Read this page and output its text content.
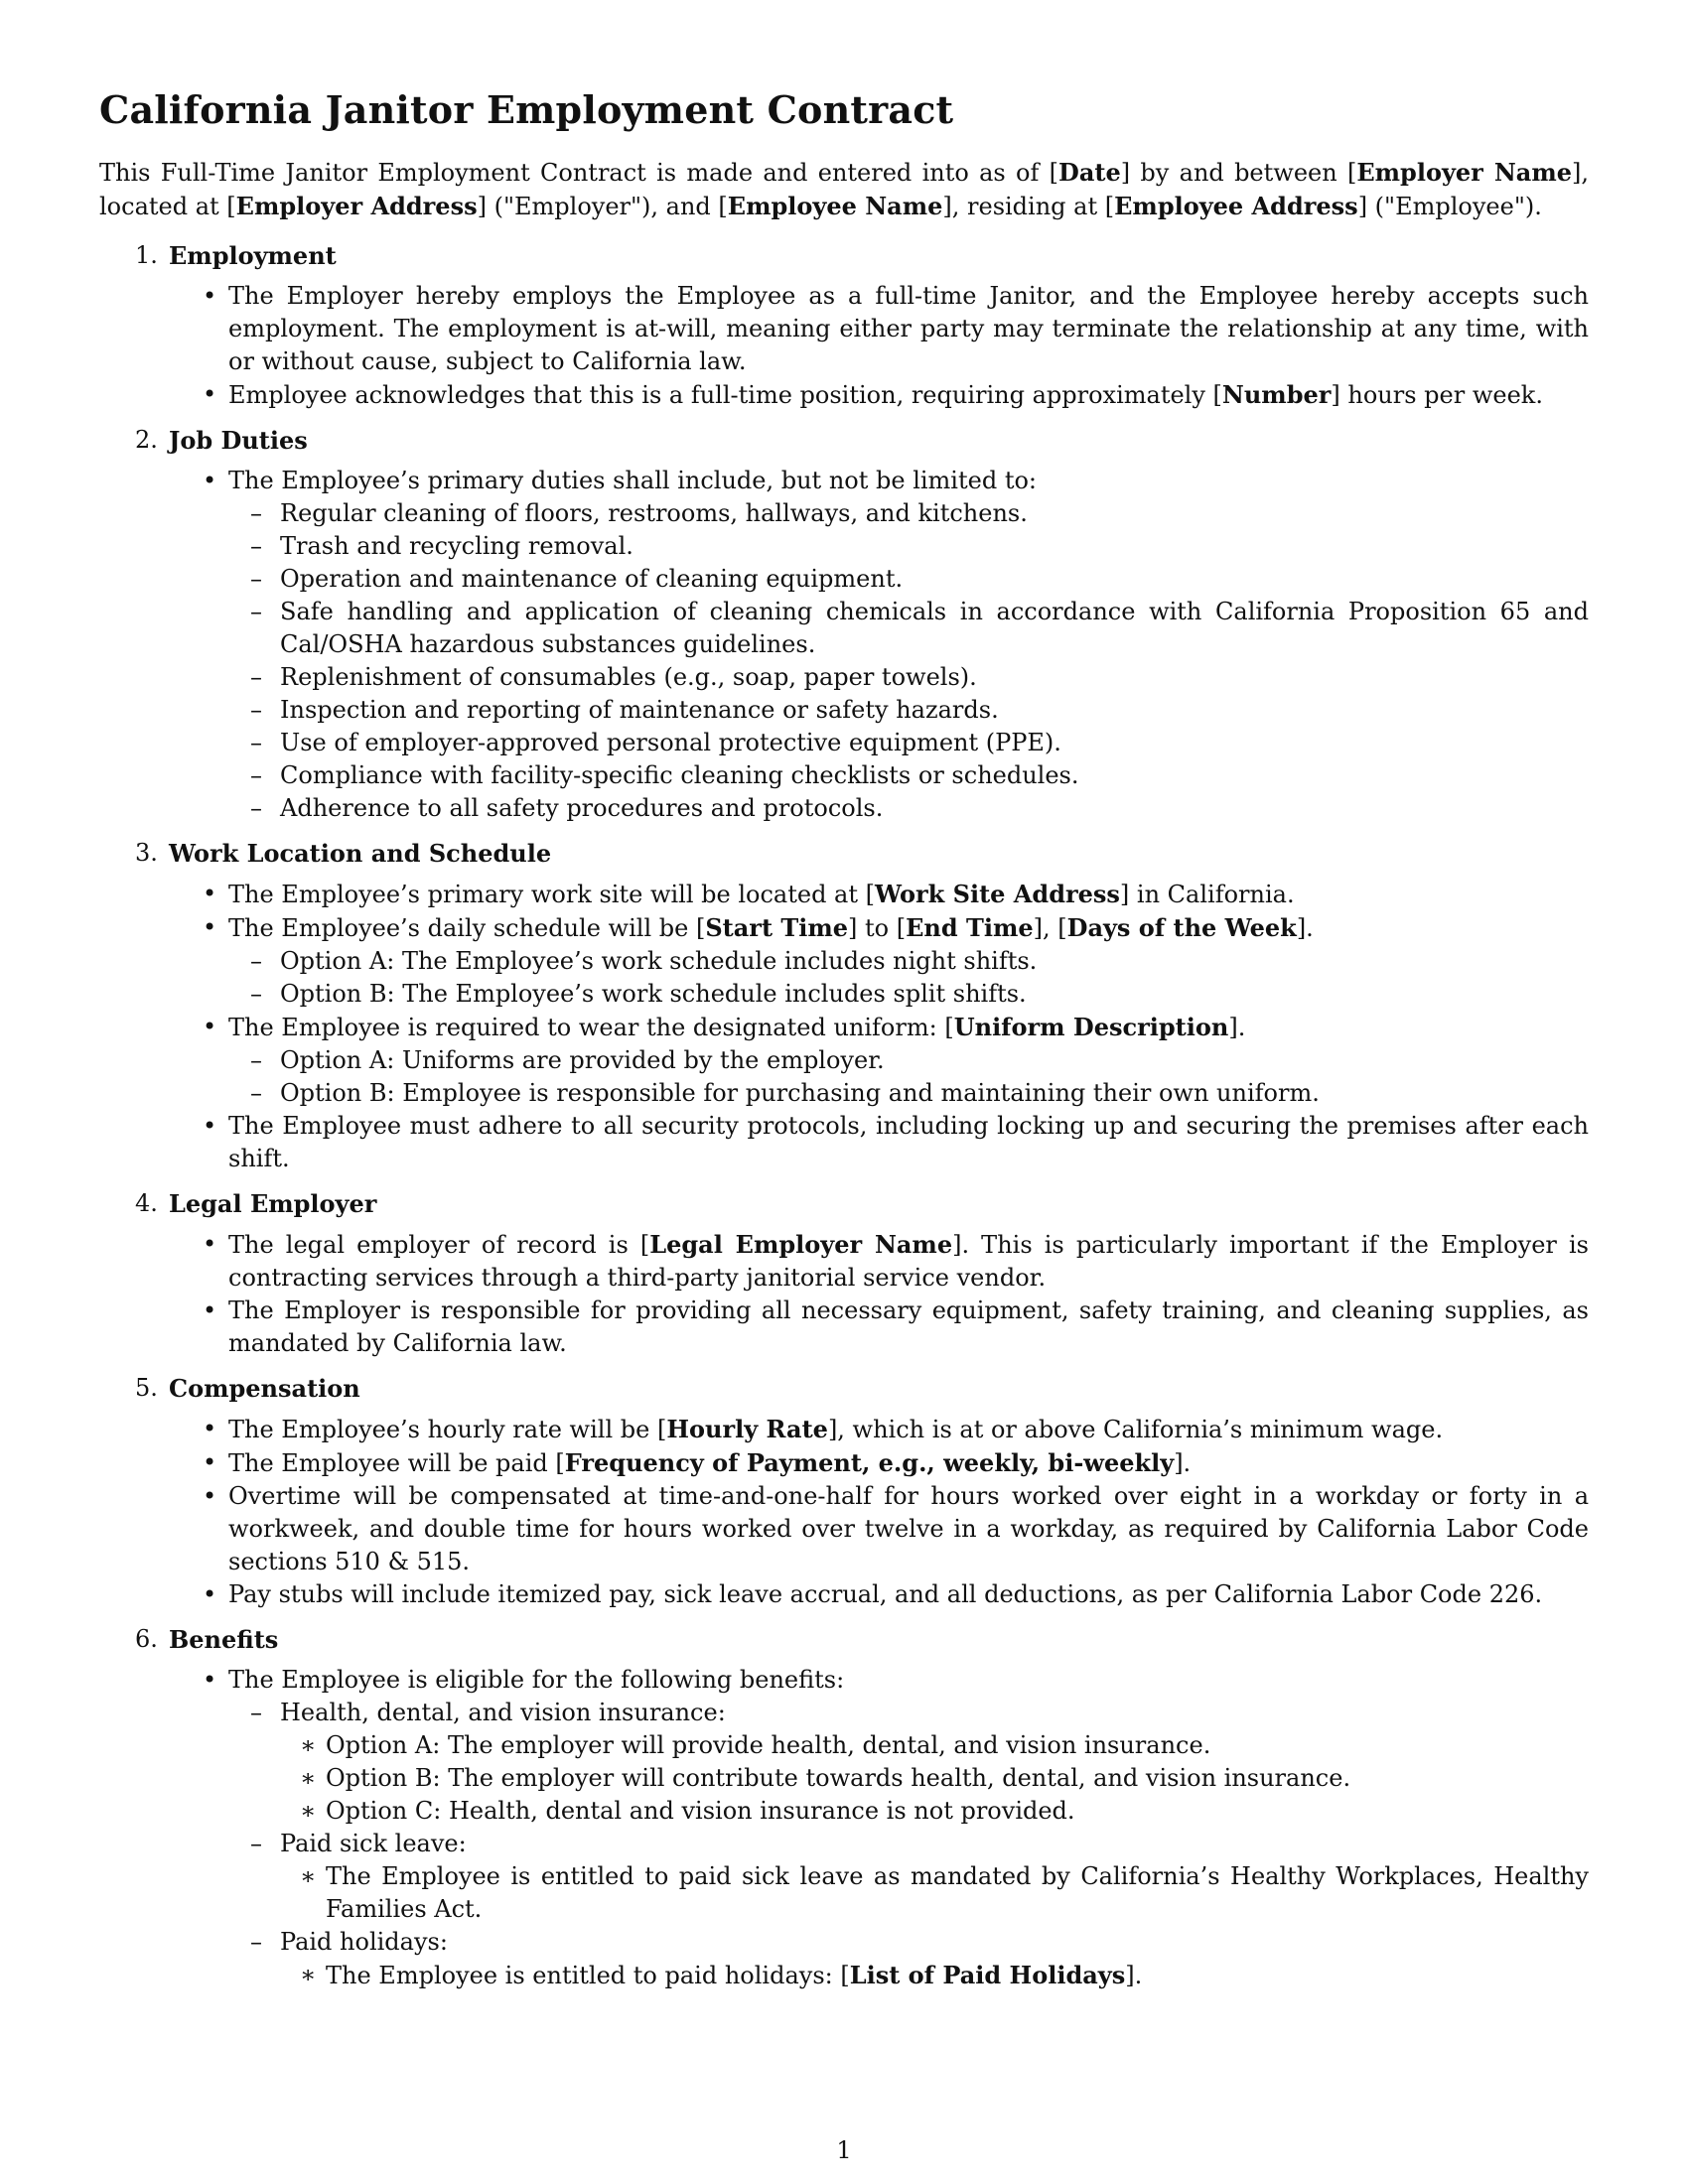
California Janitor Employment Contract

This Full-Time Janitor Employment Contract is made and entered into as of [Date] by and between [Employer Name], located at [Employer Address] ("Employer"), and [Employee Name], residing at [Employee Address] ("Employee").

1. Employment
• The Employer hereby employs the Employee as a full-time Janitor, and the Employee hereby accepts such employment. The employment is at-will, meaning either party may terminate the relationship at any time, with or without cause, subject to California law.
• Employee acknowledges that this is a full-time position, requiring approximately [Number] hours per week.
2. Job Duties
• The Employee’s primary duties shall include, but not be limited to:
– Regular cleaning of floors, restrooms, hallways, and kitchens.
– Trash and recycling removal.
– Operation and maintenance of cleaning equipment.
– Safe handling and application of cleaning chemicals in accordance with California Proposition 65 and Cal/OSHA hazardous substances guidelines.
– Replenishment of consumables (e.g., soap, paper towels).
– Inspection and reporting of maintenance or safety hazards.
– Use of employer-approved personal protective equipment (PPE).
– Compliance with facility-specific cleaning checklists or schedules.
– Adherence to all safety procedures and protocols.
3. Work Location and Schedule
• The Employee’s primary work site will be located at [Work Site Address] in California.
• The Employee’s daily schedule will be [Start Time] to [End Time], [Days of the Week].
– Option A: The Employee’s work schedule includes night shifts.
– Option B: The Employee’s work schedule includes split shifts.
• The Employee is required to wear the designated uniform: [Uniform Description].
– Option A: Uniforms are provided by the employer.
– Option B: Employee is responsible for purchasing and maintaining their own uniform.
• The Employee must adhere to all security protocols, including locking up and securing the premises after each shift.
4. Legal Employer
• The legal employer of record is [Legal Employer Name]. This is particularly important if the Employer is contracting services through a third-party janitorial service vendor.
• The Employer is responsible for providing all necessary equipment, safety training, and cleaning supplies, as mandated by California law.
5. Compensation
• The Employee’s hourly rate will be [Hourly Rate], which is at or above California’s minimum wage.
• The Employee will be paid [Frequency of Payment, e.g., weekly, bi-weekly].
• Overtime will be compensated at time-and-one-half for hours worked over eight in a workday or forty in a workweek, and double time for hours worked over twelve in a workday, as required by California Labor Code sections 510 & 515.
• Pay stubs will include itemized pay, sick leave accrual, and all deductions, as per California Labor Code 226.
6. Benefits
• The Employee is eligible for the following benefits:
– Health, dental, and vision insurance:
∗ Option A: The employer will provide health, dental, and vision insurance.
∗ Option B: The employer will contribute towards health, dental, and vision insurance.
∗ Option C: Health, dental and vision insurance is not provided.
– Paid sick leave:
∗ The Employee is entitled to paid sick leave as mandated by California’s Healthy Workplaces, Healthy Families Act.
– Paid holidays:
∗ The Employee is entitled to paid holidays: [List of Paid Holidays].
1
